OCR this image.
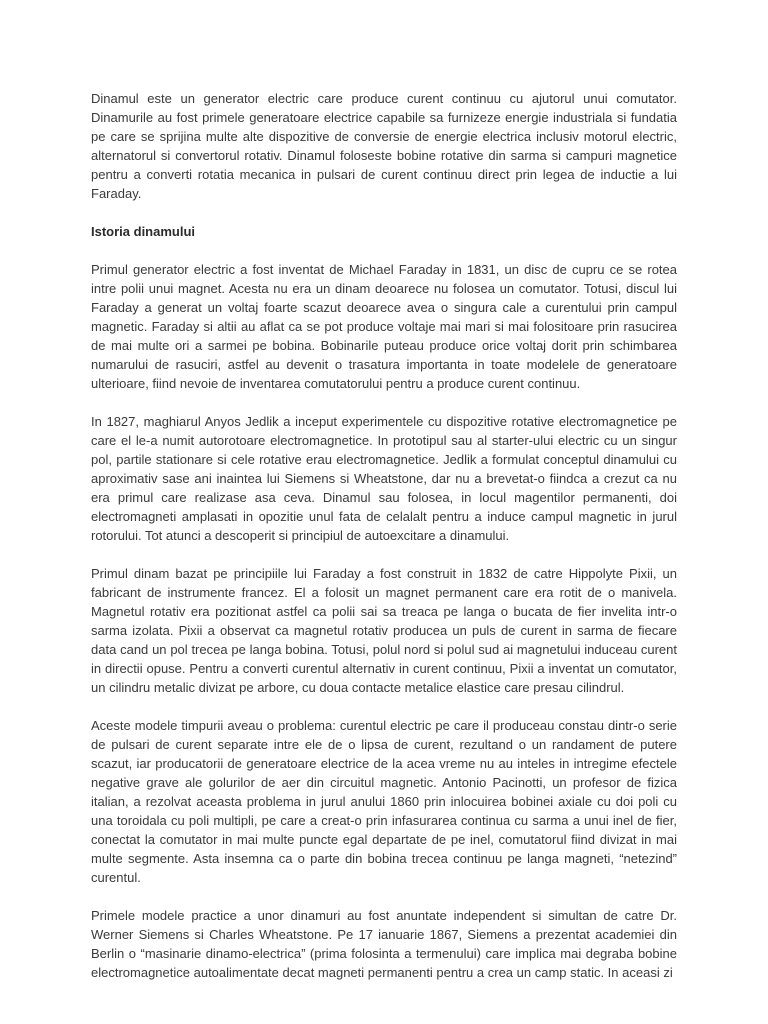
Dinamul este un generator electric care produce curent continuu cu ajutorul unui comutator. Dinamurile au fost primele generatoare electrice capabile sa furnizeze energie industriala si fundatia pe care se sprijina multe alte dispozitive de conversie de energie electrica inclusiv motorul electric, alternatorul si convertorul rotativ. Dinamul foloseste bobine rotative din sarma si campuri magnetice pentru a converti rotatia mecanica in pulsari de curent continuu direct prin legea de inductie a lui Faraday.

Istoria dinamului

Primul generator electric a fost inventat de Michael Faraday in 1831, un disc de cupru ce se rotea intre polii unui magnet. Acesta nu era un dinam deoarece nu folosea un comutator. Totusi, discul lui Faraday a generat un voltaj foarte scazut deoarece avea o singura cale a curentului prin campul magnetic. Faraday si altii au aflat ca se pot produce voltaje mai mari si mai folositoare prin rasucirea de mai multe ori a sarmei pe bobina. Bobinarile puteau produce orice voltaj dorit prin schimbarea numarului de rasuciri, astfel au devenit o trasatura importanta in toate modelele de generatoare ulterioare, fiind nevoie de inventarea comutatorului pentru a produce curent continuu.

In 1827, maghiarul Anyos Jedlik a inceput experimentele cu dispozitive rotative electromagnetice pe care el le-a numit autorotoare electromagnetice. In prototipul sau al starter-ului electric cu un singur pol, partile stationare si cele rotative erau electromagnetice. Jedlik a formulat conceptul dinamului cu aproximativ sase ani inaintea lui Siemens si Wheatstone, dar nu a brevetat-o fiindca a crezut ca nu era primul care realizase asa ceva. Dinamul sau folosea, in locul magentilor permanenti, doi electromagneti amplasati in opozitie unul fata de celalalt pentru a induce campul magnetic in jurul rotorului. Tot atunci a descoperit si principiul de autoexcitare a dinamului.

Primul dinam bazat pe principiile lui Faraday a fost construit in 1832 de catre Hippolyte Pixii, un fabricant de instrumente francez. El a folosit un magnet permanent care era rotit de o manivela. Magnetul rotativ era pozitionat astfel ca polii sai sa treaca pe langa o bucata de fier invelita intr-o sarma izolata. Pixii a observat ca magnetul rotativ producea un puls de curent in sarma de fiecare data cand un pol trecea pe langa bobina. Totusi, polul nord si polul sud ai magnetului induceau curent in directii opuse. Pentru a converti curentul alternativ in curent continuu, Pixii a inventat un comutator, un cilindru metalic divizat pe arbore, cu doua contacte metalice elastice care presau cilindrul.

Aceste modele timpurii aveau o problema: curentul electric pe care il produceau constau dintr-o serie de pulsari de curent separate intre ele de o lipsa de curent, rezultand o un randament de putere scazut, iar producatorii de generatoare electrice de la acea vreme nu au inteles in intregime efectele negative grave ale golurilor de aer din circuitul magnetic. Antonio Pacinotti, un profesor de fizica italian, a rezolvat aceasta problema in jurul anului 1860 prin inlocuirea bobinei axiale cu doi poli cu una toroidala cu poli multipli, pe care a creat-o prin infasurarea continua cu sarma a unui inel de fier, conectat la comutator in mai multe puncte egal departate de pe inel, comutatorul fiind divizat in mai multe segmente. Asta insemna ca o parte din bobina trecea continuu pe langa magneti, “netezind” curentul.

Primele modele practice a unor dinamuri au fost anuntate independent si simultan de catre Dr. Werner Siemens si Charles Wheatstone. Pe 17 ianuarie 1867, Siemens a prezentat academiei din Berlin o “masinarie dinamo-electrica” (prima folosinta a termenului) care implica mai degraba bobine electromagnetice autoalimentate decat magneti permanenti pentru a crea un camp static. In aceasi zi
